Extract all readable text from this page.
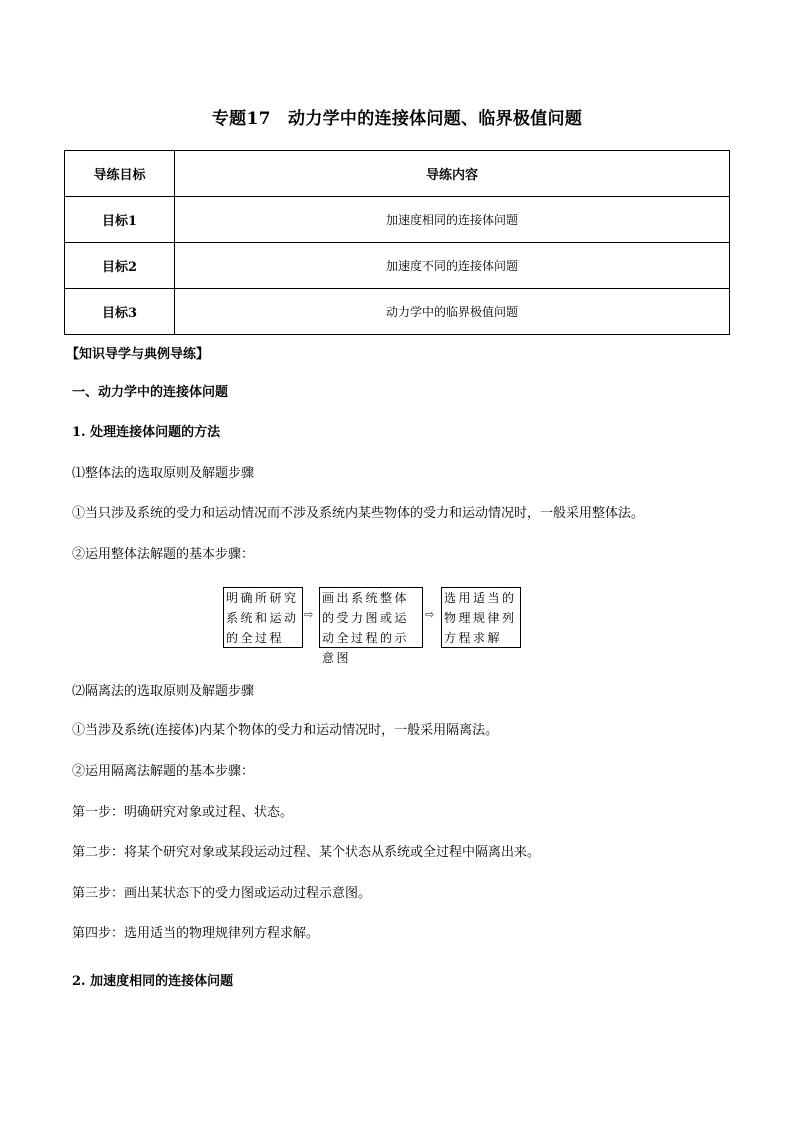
专题17　动力学中的连接体问题、临界极值问题
导练目标	导练内容
目标1	加速度相同的连接体问题
目标2	加速度不同的连接体问题
目标3	动力学中的临界极值问题
【知识导学与典例导练】
一、动力学中的连接体问题
1. 处理连接体问题的方法
⑴整体法的选取原则及解题步骤
①当只涉及系统的受力和运动情况而不涉及系统内某些物体的受力和运动情况时，一般采用整体法。
②运用整体法解题的基本步骤：
明确所研究系统和运动的全过程
⇨
画出系统整体的受力图或运动全过程的示意图
⇨
选用适当的物理规律列方程求解
⑵隔离法的选取原则及解题步骤
①当涉及系统(连接体)内某个物体的受力和运动情况时，一般采用隔离法。
②运用隔离法解题的基本步骤：
第一步：明确研究对象或过程、状态。
第二步：将某个研究对象或某段运动过程、某个状态从系统或全过程中隔离出来。
第三步：画出某状态下的受力图或运动过程示意图。
第四步：选用适当的物理规律列方程求解。
2. 加速度相同的连接体问题
